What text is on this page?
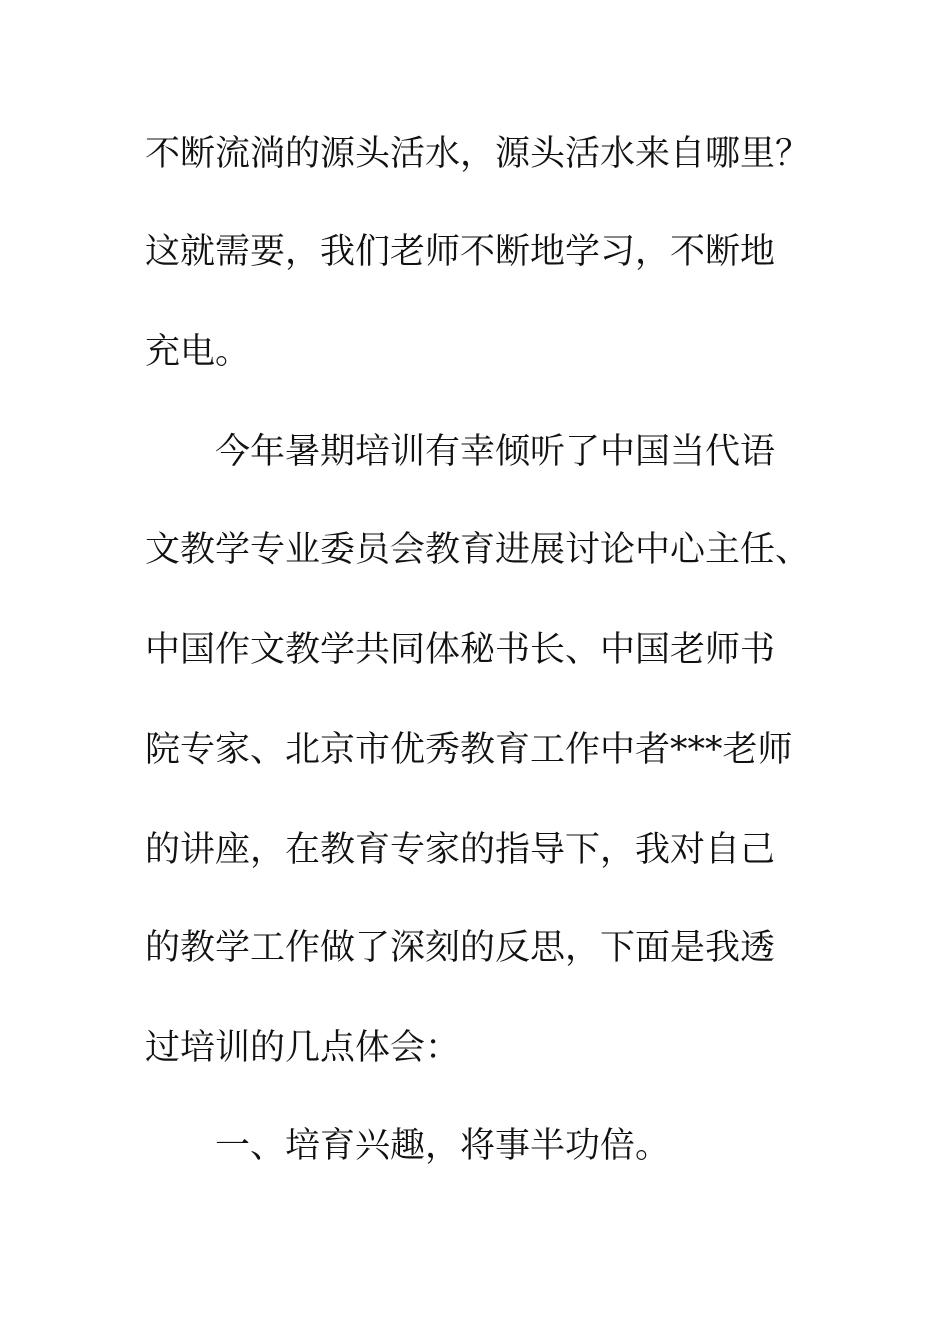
不断流淌的源头活水，源头活水来自哪里？
这就需要，我们老师不断地学习，不断地
充电。
今年暑期培训有幸倾听了中国当代语
文教学专业委员会教育进展讨论中心主任、
中国作文教学共同体秘书长、中国老师书
院专家、北京市优秀教育工作中者***老师
的讲座，在教育专家的指导下，我对自己
的教学工作做了深刻的反思，下面是我透
过培训的几点体会：
一、培育兴趣，将事半功倍。
